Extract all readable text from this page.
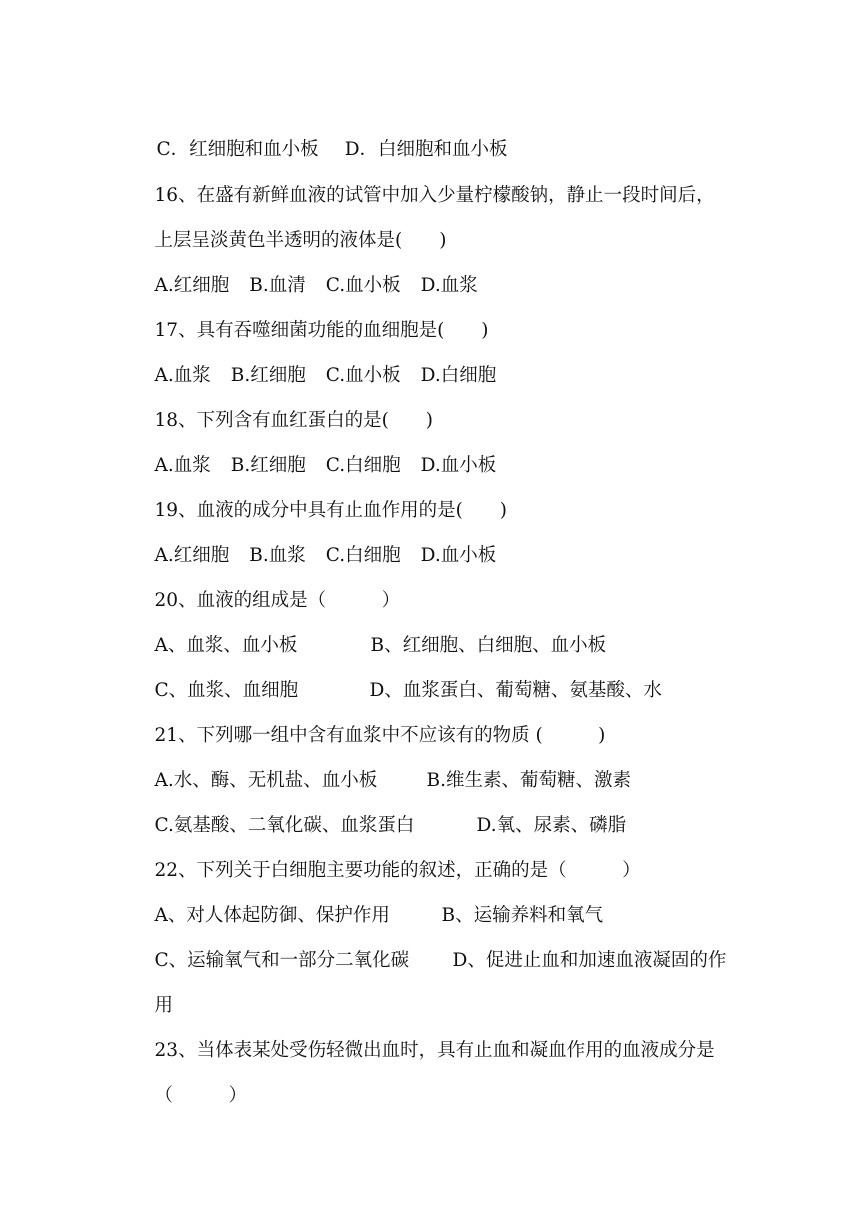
C．红细胞和血小板 D．白细胞和血小板

16、在盛有新鲜血液的试管中加入少量柠檬酸钠，静止一段时间后，

上层呈淡黄色半透明的液体是(　　)

A.红细胞 B.血清 C.血小板 D.血浆

17、具有吞噬细菌功能的血细胞是(　　)

A.血浆 B.红细胞 C.血小板 D.白细胞

18、下列含有血红蛋白的是(　　)

A.血浆 B.红细胞 C.白细胞 D.血小板

19、血液的成分中具有止血作用的是(　　)

A.红细胞 B.血浆 C.白细胞 D.血小板

20、血液的组成是（　　　）

A、血浆、血小板	B、红细胞、白细胞、血小板

C、血浆、血细胞	D、血浆蛋白、葡萄糖、氨基酸、水

21、下列哪一组中含有血浆中不应该有的物质 (　　　)

A.水、酶、无机盐、血小板	B.维生素、葡萄糖、激素

C.氨基酸、二氧化碳、血浆蛋白	D.氧、尿素、磷脂

22、下列关于白细胞主要功能的叙述，正确的是（　　　）

A、对人体起防御、保护作用	B、运输养料和氧气

C、运输氧气和一部分二氧化碳 D、促进止血和加速血液凝固的作

用

23、当体表某处受伤轻微出血时，具有止血和凝血作用的血液成分是

（　　　）
